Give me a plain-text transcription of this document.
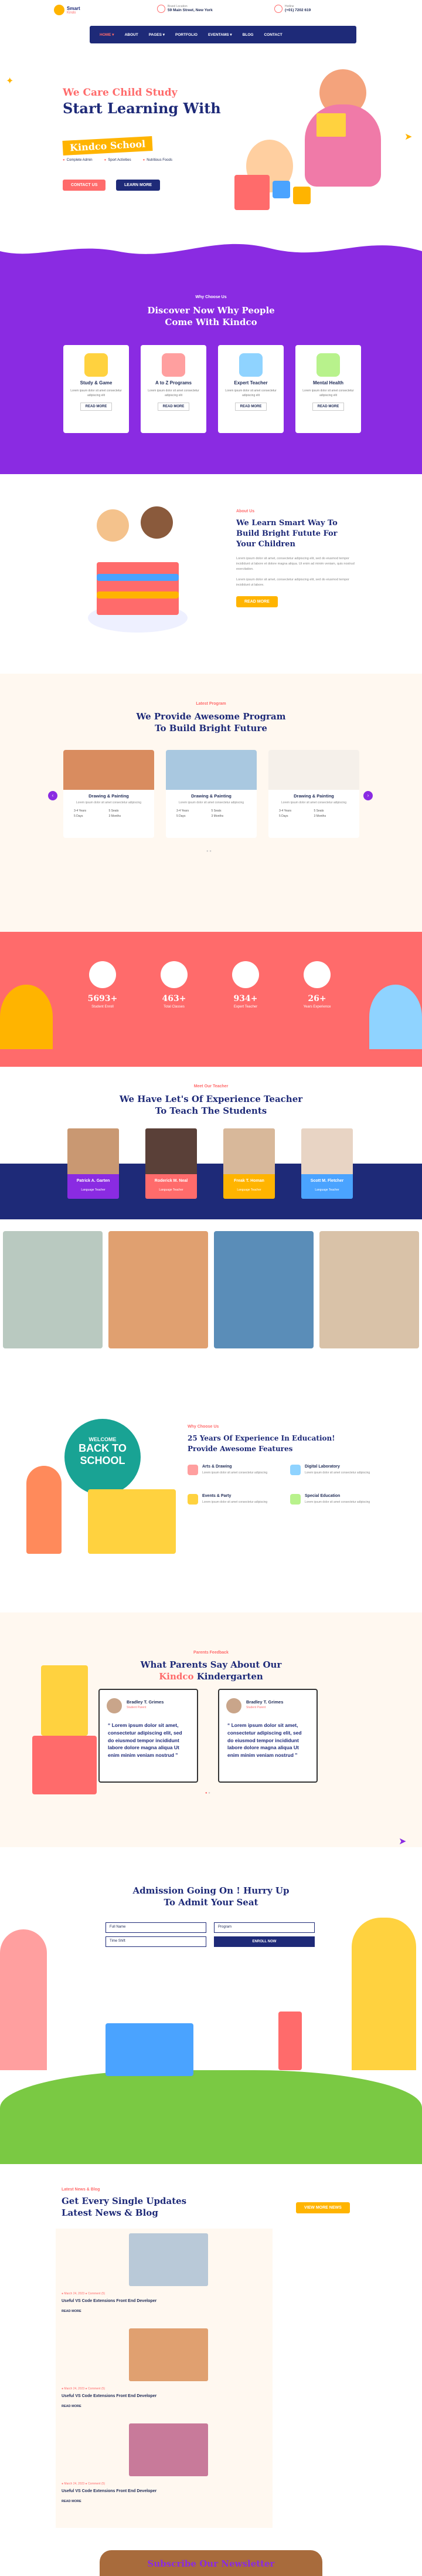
Smart
Kindo
Brand Location
59 Main Street, New York
Hotline
(+01) 7202 619
HOME ▾	ABOUT	PAGES ▾	PORTFOLIO	EVENTAMS ▾	BLOG	CONTACT
We Care Child Study
Start Learning With
Kindco School
● Complete Admin	● Sport Activities	● Nutritious Foods
CONTACT US	LEARN MORE
✦
➤
Why Choose Us
Discover Now Why People
Come With Kindco
Study & Game

Lorem ipsum dolor sit amet consectetur adipiscing elit

READ MORE
A to Z Programs

Lorem ipsum dolor sit amet consectetur adipiscing elit

READ MORE
Expert Teacher

Lorem ipsum dolor sit amet consectetur adipiscing elit

READ MORE
Mental Health

Lorem ipsum dolor sit amet consectetur adipiscing elit

READ MORE
About Us
We Learn Smart Way To
Build Bright Futute For
Your Children
Lorem ipsum dolor sit amet, consectetur adipiscing elit, sed do eiusmod tempor incididunt ut labore et dolore magna aliqua. Ut enim ad minim veniam, quis nostrud exercitation.
Lorem ipsum dolor sit amet, consectetur adipiscing elit, sed do eiusmod tempor incididunt ut labore.
READ MORE
Latest Program
We Provide Awesome Program
To Build Bright Future
‹	›
Drawing & Painting

Lorem ipsum dolor sit amet consectetur adipiscing

3-4 Years	5 Seats
5 Days	3 Months
Drawing & Painting

Lorem ipsum dolor sit amet consectetur adipiscing

3-4 Years	5 Seats
5 Days	3 Months
Drawing & Painting

Lorem ipsum dolor sit amet consectetur adipiscing

3-4 Years	5 Seats
5 Days	3 Months
● ●
5693+
Student Enroll
463+
Total Classes
934+
Expert Teacher
26+
Years Experience
Meet Our Teacher
We Have Let's Of Experience Teacher
To Teach The Students
Patrick A. Garten
Language Teacher
Roderick M. Neal
Language Teacher
Freak T. Homan
Language Teacher
Scott M. Fletcher
Language Teacher
WELCOME
BACK TO
SCHOOL
Why Choose Us
25 Years Of Experience In Education!
Provide Awesome Features
Arts & Drawing
Lorem ipsum dolor sit amet consectetur adipiscing
Digital Laboratory
Lorem ipsum dolor sit amet consectetur adipiscing
Events & Party
Lorem ipsum dolor sit amet consectetur adipiscing
Special Education
Lorem ipsum dolor sit amet consectetur adipiscing
Parents Feedback
What Parents Say About Our
Kindco Kindergarten
Bradley T. Grimes
Student Parent
“ Lorem ipsum dolor sit amet, consectetur adipiscing elit, sed do eiusmod tempor incididunt labore dolore magna aliqua Ut enim minim veniam nostrud ”
Bradley T. Grimes
Student Parent
“ Lorem ipsum dolor sit amet, consectetur adipiscing elit, sed do eiusmod tempor incididunt labore dolore magna aliqua Ut enim minim veniam nostrud ”
● ●
➤
Admission Going On ! Hurry Up
To Admit Your Seat
Full Name	Program
Time Shift	ENROLL NOW
Latest News & Blog
Get Every Single Updates
Latest News & Blog	VIEW MORE NEWS
● March 24, 2023 ● Comment (5)
Useful VS Code Extensions Front End Developer
READ MORE
● March 24, 2023 ● Comment (5)
Useful VS Code Extensions Front End Developer
READ MORE
● March 24, 2023 ● Comment (5)
Useful VS Code Extensions Front End Developer
READ MORE
Subscribe Our Newsletter
